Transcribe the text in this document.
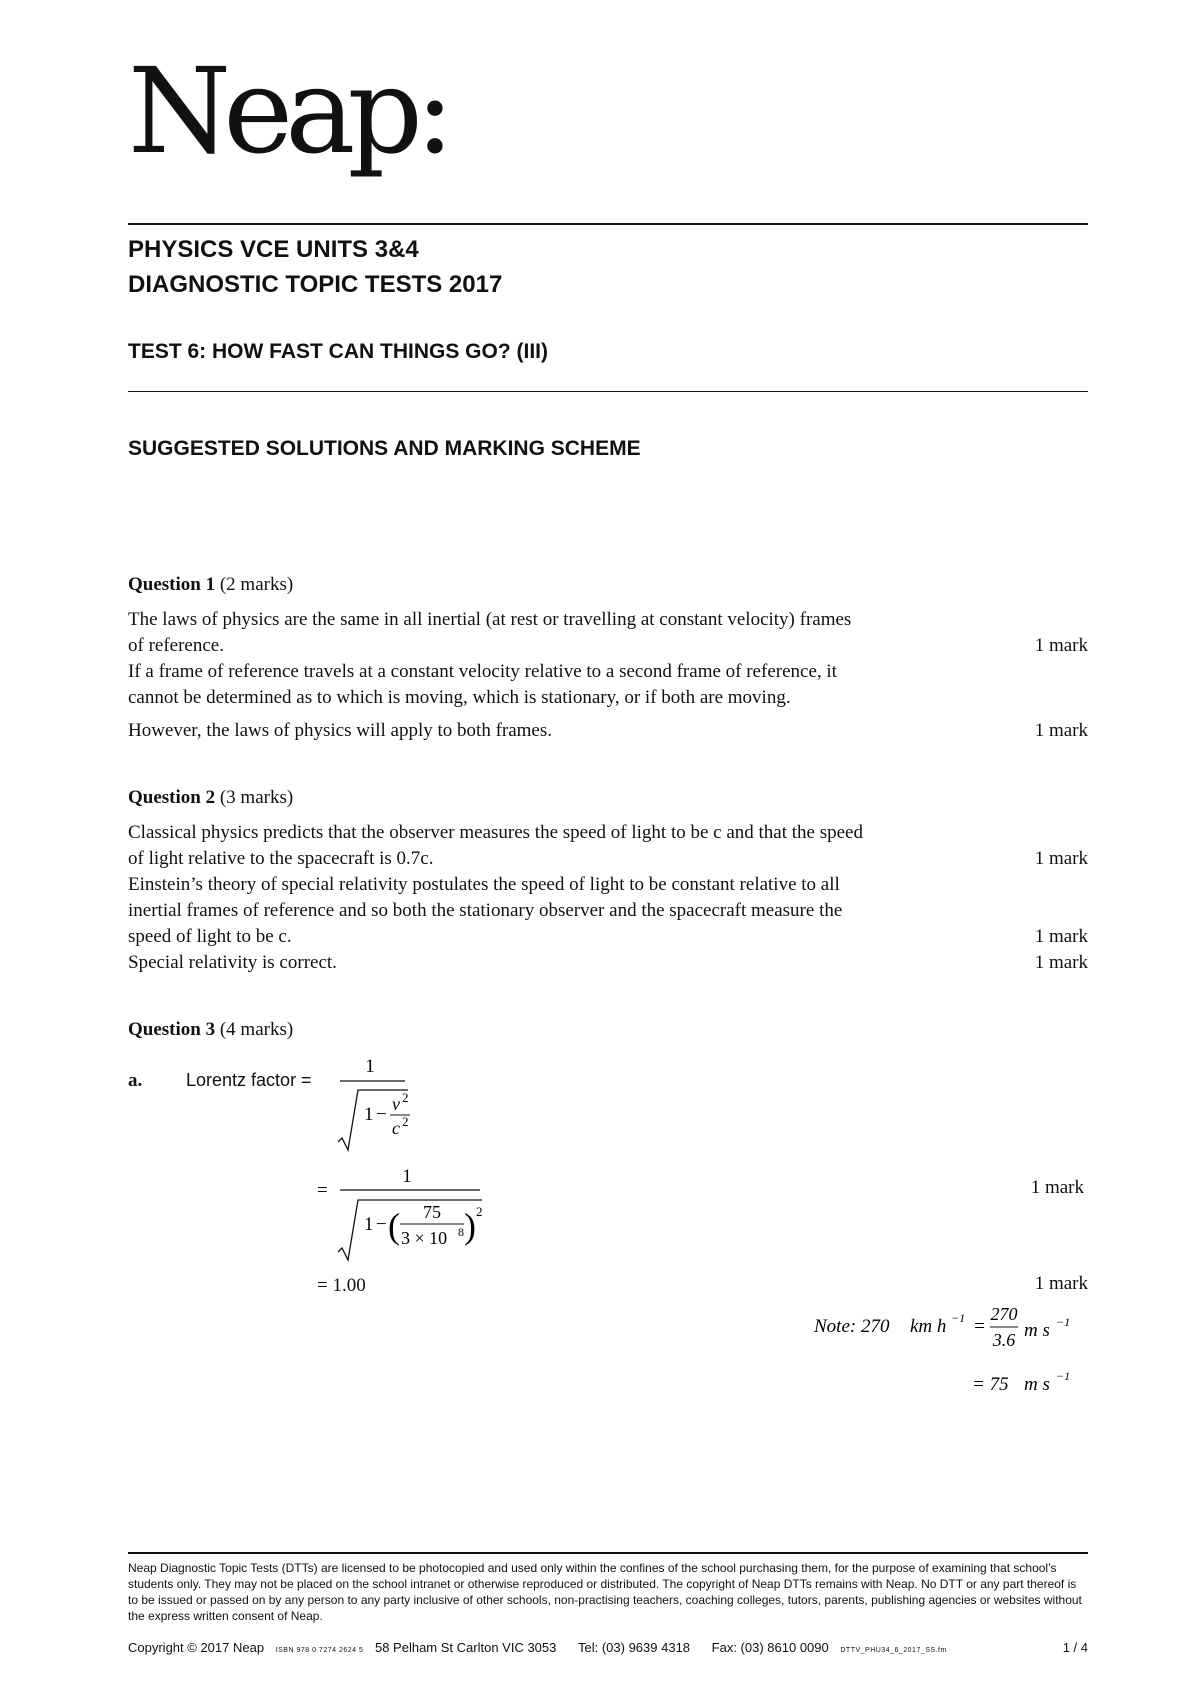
Neap:
PHYSICS VCE UNITS 3&4
DIAGNOSTIC TOPIC TESTS 2017
TEST 6: HOW FAST CAN THINGS GO? (III)
SUGGESTED SOLUTIONS AND MARKING SCHEME
Question 1 (2 marks)
The laws of physics are the same in all inertial (at rest or travelling at constant velocity) frames
of reference.	1 mark
If a frame of reference travels at a constant velocity relative to a second frame of reference, it
cannot be determined as to which is moving, which is stationary, or if both are moving.
However, the laws of physics will apply to both frames.	1 mark
Question 2 (3 marks)
Classical physics predicts that the observer measures the speed of light to be c and that the speed
of light relative to the spacecraft is 0.7c.	1 mark
Einstein’s theory of special relativity postulates the speed of light to be constant relative to all
inertial frames of reference and so both the stationary observer and the spacecraft measure the
speed of light to be c.	1 mark
Special relativity is correct.	1 mark
Question 3 (4 marks)
a. Lorentz factor =
1
1 − v 2
c 2
=
1
1 − ( 75
3 × 10 8 ) 2
1 mark
= 1.00	1 mark
Note: 270 km h −1 =
270
3.6 m s −1
= 75 m s −1
Neap Diagnostic Topic Tests (DTTs) are licensed to be photocopied and used only within the confines of the school purchasing them, for the purpose of examining that school’s students only. They may not be placed on the school intranet or otherwise reproduced or distributed. The copyright of Neap DTTs remains with Neap. No DTT or any part thereof is to be issued or passed on by any person to any party inclusive of other schools, non-practising teachers, coaching colleges, tutors, parents, publishing agencies or websites without the express written consent of Neap.
Copyright © 2017 Neap ISBN 978 0 7274 2624 5 58 Pelham St Carlton VIC 3053 Tel: (03) 9639 4318 Fax: (03) 8610 0090 DTTV_PHU34_6_2017_SS.fm	1 / 4
